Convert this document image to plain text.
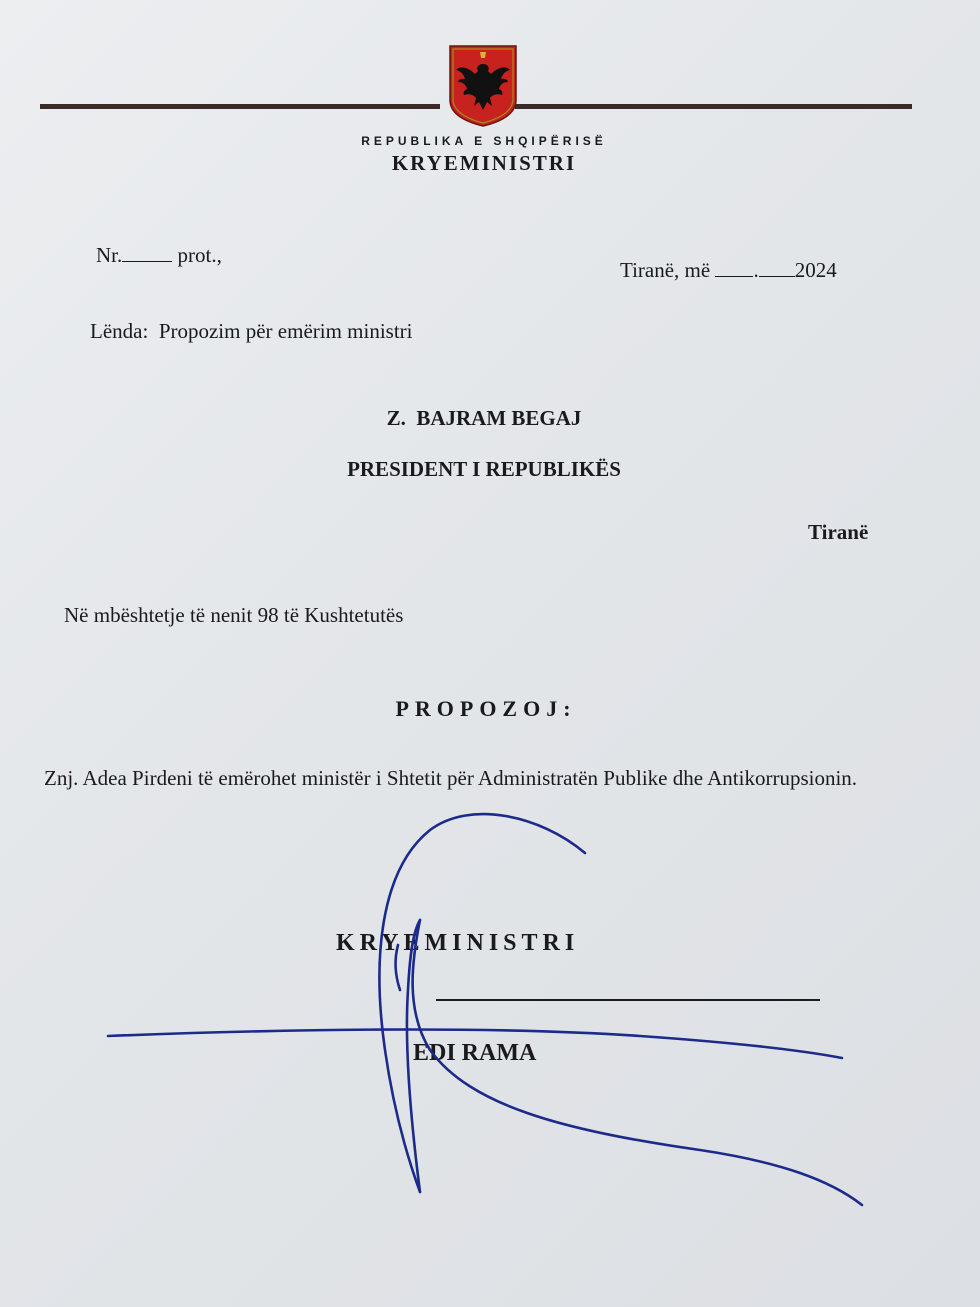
REPUBLIKA E SHQIPËRISË
KRYEMINISTRI
Nr.	prot.,
Tiranë, më . 2024
Lënda: Propozim për emërim ministri
Z.  BAJRAM BEGAJ
PRESIDENT I REPUBLIKËS
Tiranë
Në mbështetje të nenit 98 të Kushtetutës
PROPOZOJ:
Znj. Adea Pirdeni të emërohet ministër i Shtetit për Administratën Publike dhe Antikorrupsionin.
KRYEMINISTRI
EDI RAMA
